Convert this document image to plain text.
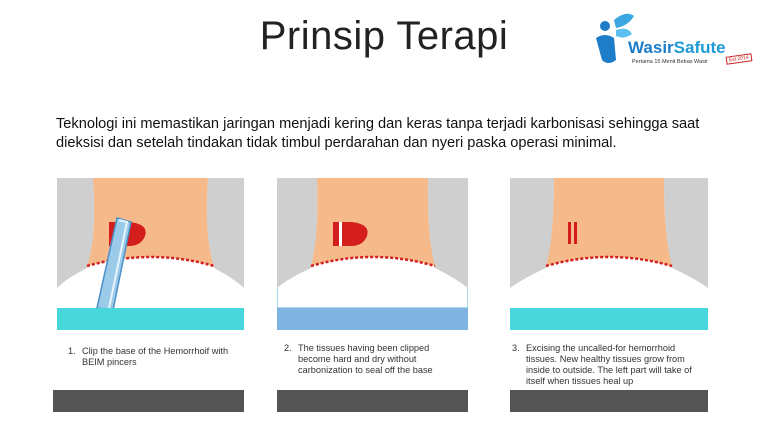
Prinsip Terapi	WasirSafute
Pertama 15 Menit Bebas Wasir	Est.2014
Teknologi ini memastikan jaringan menjadi kering dan keras tanpa terjadi karbonisasi sehingga saat dieksisi dan setelah tindakan tidak timbul perdarahan dan nyeri paska operasi minimal.
1. Clip the base of the Hemorrhoif with BEIM pincers
2. The tissues having been clipped become hard and dry without carbonization to seal off the base
3. Excising the uncalled-for hemorrhoid tissues. New healthy tissues grow from inside to outside. The left part will take of itself when tissues heal up
